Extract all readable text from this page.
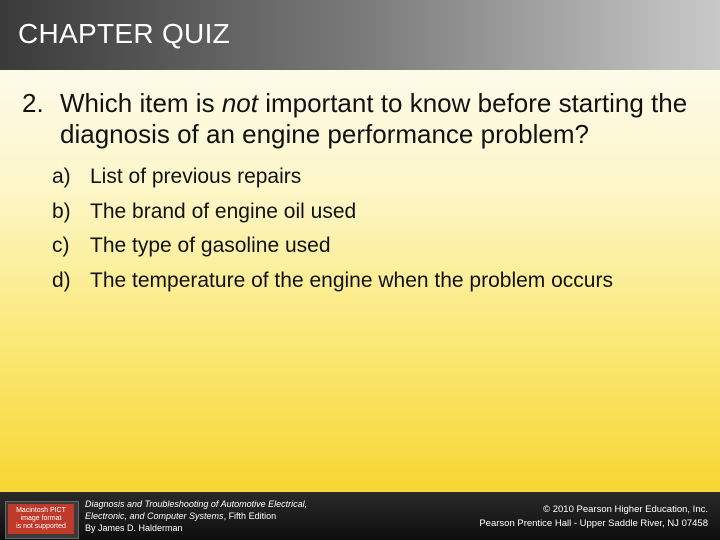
CHAPTER QUIZ
2. Which item is not important to know before starting the diagnosis of an engine performance problem?
a) List of previous repairs
b) The brand of engine oil used
c) The type of gasoline used
d) The temperature of the engine when the problem occurs
Macintosh PICT
image format
is not supported
Diagnosis and Troubleshooting of Automotive Electrical,
Electronic, and Computer Systems, Fifth Edition
By James D. Halderman
© 2010 Pearson Higher Education, Inc.
Pearson Prentice Hall - Upper Saddle River, NJ 07458
